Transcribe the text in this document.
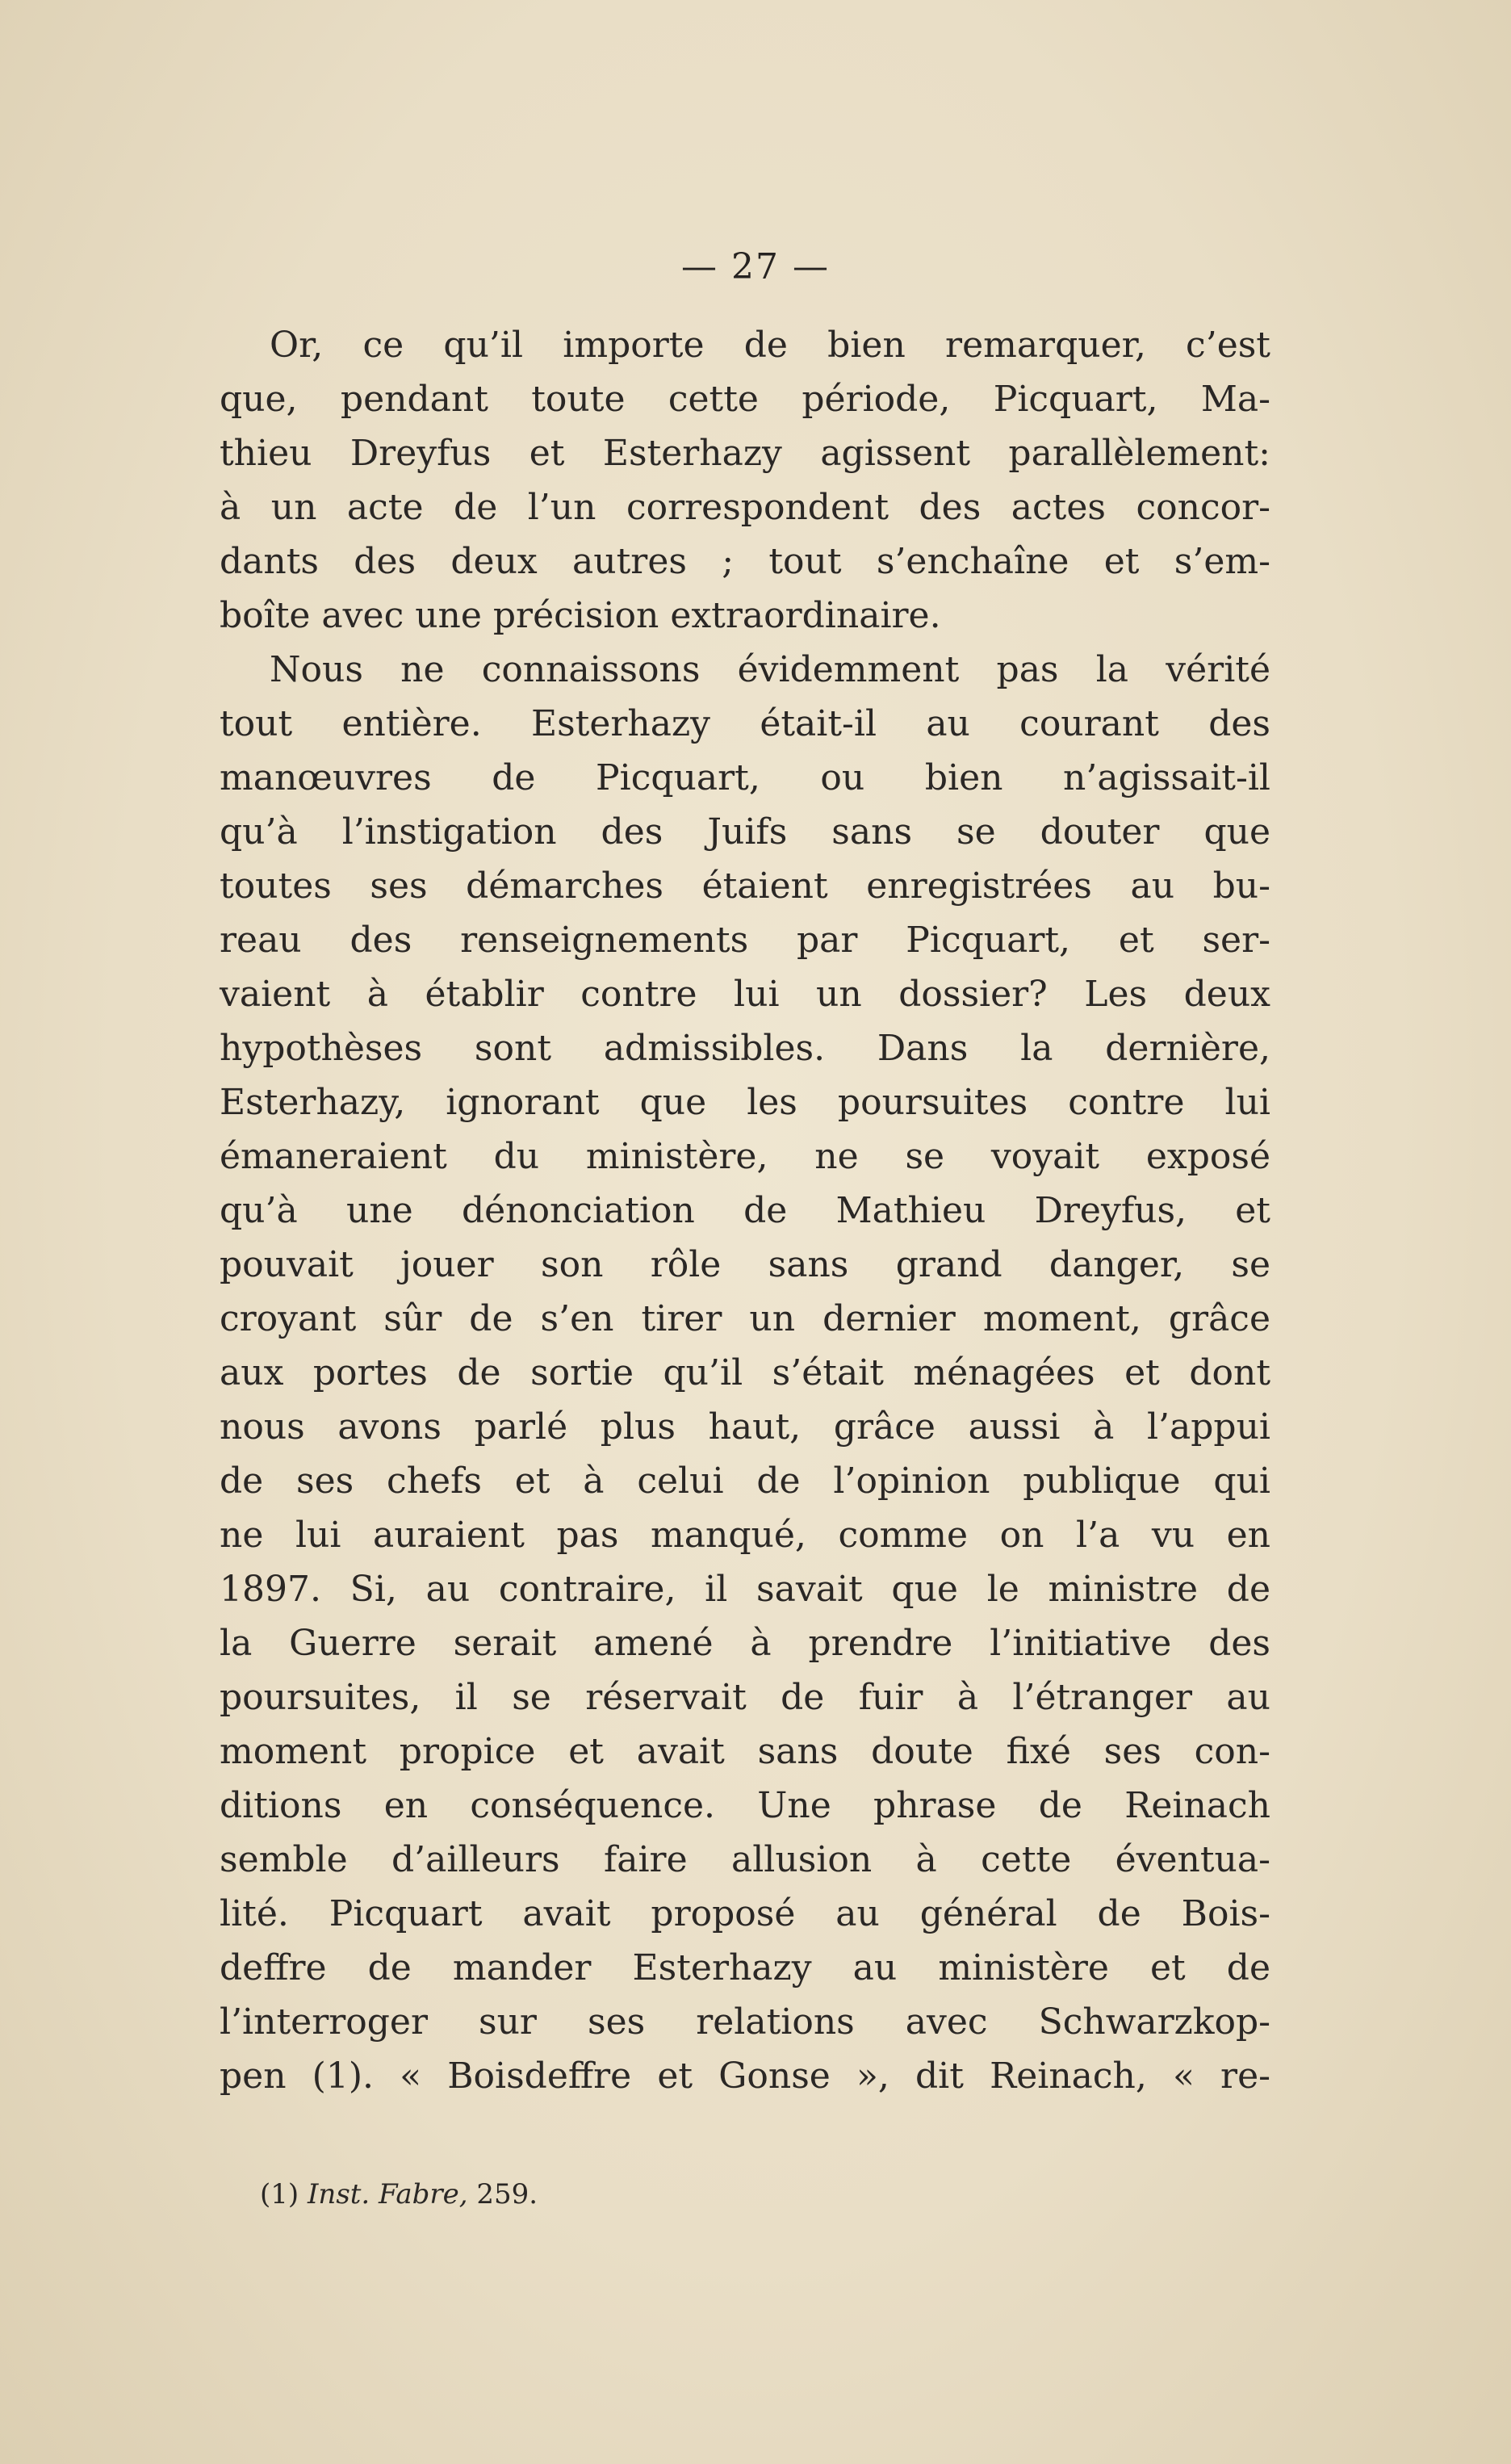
— 27 —
Or, ce qu’il importe de bien remarquer, c’est
que, pendant toute cette période, Picquart, Ma-
thieu Dreyfus et Esterhazy agissent parallèlement:
à un acte de l’un correspondent des actes concor-
dants des deux autres ; tout s’enchaîne et s’em-
boîte avec une précision extraordinaire.
Nous ne connaissons évidemment pas la vérité
tout entière. Esterhazy était-il au courant des
manœuvres de Picquart, ou bien n’agissait-il
qu’à l’instigation des Juifs sans se douter que
toutes ses démarches étaient enregistrées au bu-
reau des renseignements par Picquart, et ser-
vaient à établir contre lui un dossier? Les deux
hypothèses sont admissibles. Dans la dernière,
Esterhazy, ignorant que les poursuites contre lui
émaneraient du ministère, ne se voyait exposé
qu’à une dénonciation de Mathieu Dreyfus, et
pouvait jouer son rôle sans grand danger, se
croyant sûr de s’en tirer un dernier moment, grâce
aux portes de sortie qu’il s’était ménagées et dont
nous avons parlé plus haut, grâce aussi à l’appui
de ses chefs et à celui de l’opinion publique qui
ne lui auraient pas manqué, comme on l’a vu en
1897. Si, au contraire, il savait que le ministre de
la Guerre serait amené à prendre l’initiative des
poursuites, il se réservait de fuir à l’étranger au
moment propice et avait sans doute fixé ses con-
ditions en conséquence. Une phrase de Reinach
semble d’ailleurs faire allusion à cette éventua-
lité. Picquart avait proposé au général de Bois-
deffre de mander Esterhazy au ministère et de
l’interroger sur ses relations avec Schwarzkop-
pen (1). « Boisdeffre et Gonse », dit Reinach, « re-
(1) Inst. Fabre, 259.
